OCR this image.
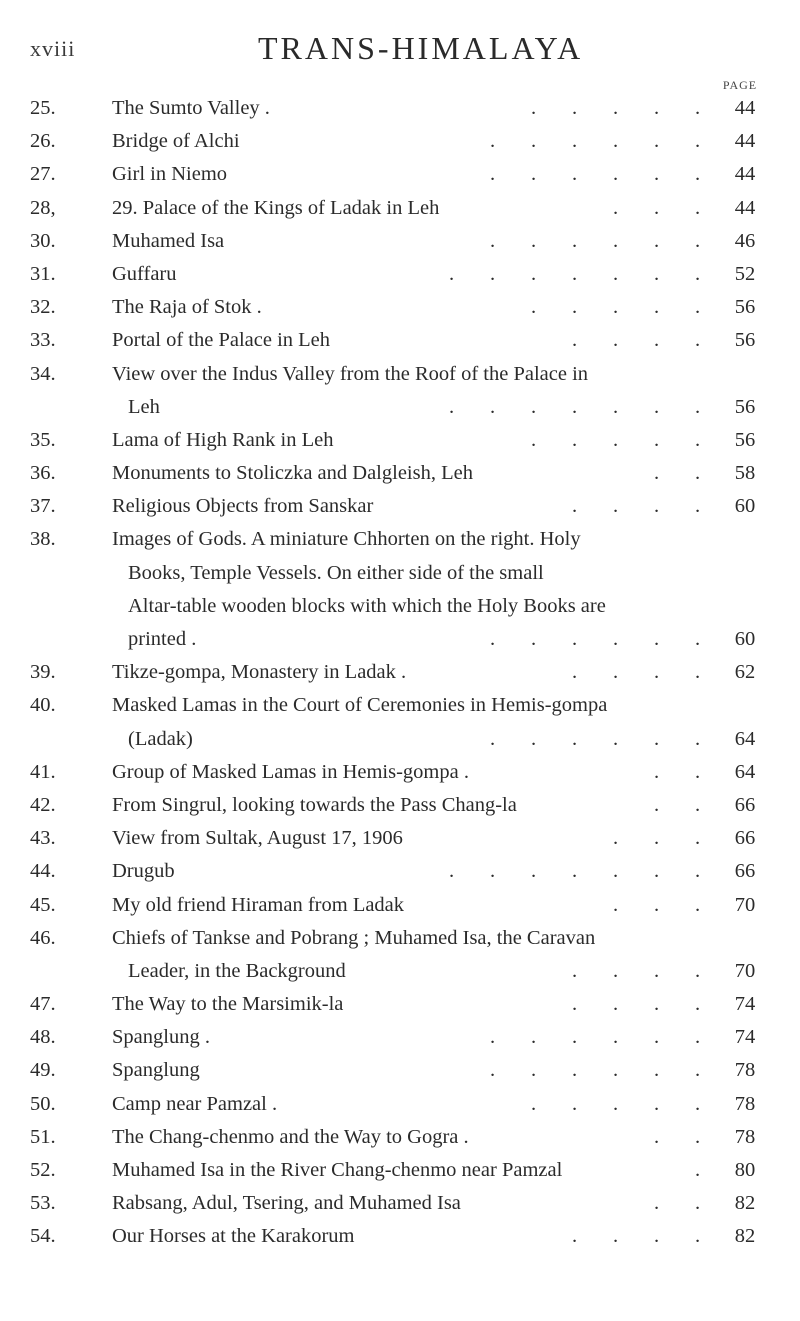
xviii	TRANS-HIMALAYA
PAGE
25.	The Sumto Valley .	.       .       .       .       .	44
26.	Bridge of Alchi	.       .       .       .       .       .	44
27.	Girl in Niemo	.       .       .       .       .       .	44
28,	29. Palace of the Kings of Ladak in Leh	.       .       .	44
30.	Muhamed Isa	.       .       .       .       .       .	46
31.	Guffaru	.       .       .       .       .       .       .	52
32.	The Raja of Stok .	.       .       .       .       .	56
33.	Portal of the Palace in Leh	.       .       .       .	56
34.	View over the Indus Valley from the Roof of the Palace in
Leh	.       .       .       .       .       .       .	56
35.	Lama of High Rank in Leh	.       .       .       .       .	56
36.	Monuments to Stoliczka and Dalgleish, Leh	.       .	58
37.	Religious Objects from Sanskar	.       .       .       .	60
38.	Images of Gods. A miniature Chhorten on the right. Holy
Books, Temple Vessels. On either side of the small
Altar-table wooden blocks with which the Holy Books are
printed .	.       .       .       .       .       .	60
39.	Tikze-gompa, Monastery in Ladak .	.       .       .       .	62
40.	Masked Lamas in the Court of Ceremonies in Hemis-gompa
(Ladak)	.       .       .       .       .       .	64
41.	Group of Masked Lamas in Hemis-gompa .	.       .	64
42.	From Singrul, looking towards the Pass Chang-la	.       .	66
43.	View from Sultak, August 17, 1906	.       .       .	66
44.	Drugub	.       .       .       .       .       .       .	66
45.	My old friend Hiraman from Ladak	.       .       .	70
46.	Chiefs of Tankse and Pobrang ; Muhamed Isa, the Caravan
Leader, in the Background	.       .       .       .	70
47.	The Way to the Marsimik-la	.       .       .       .	74
48.	Spanglung .	.       .       .       .       .       .	74
49.	Spanglung	.       .       .       .       .       .	78
50.	Camp near Pamzal .	.       .       .       .       .	78
51.	The Chang-chenmo and the Way to Gogra .	.       .	78
52.	Muhamed Isa in the River Chang-chenmo near Pamzal	.	80
53.	Rabsang, Adul, Tsering, and Muhamed Isa	.       .	82
54.	Our Horses at the Karakorum	.       .       .       .	82
